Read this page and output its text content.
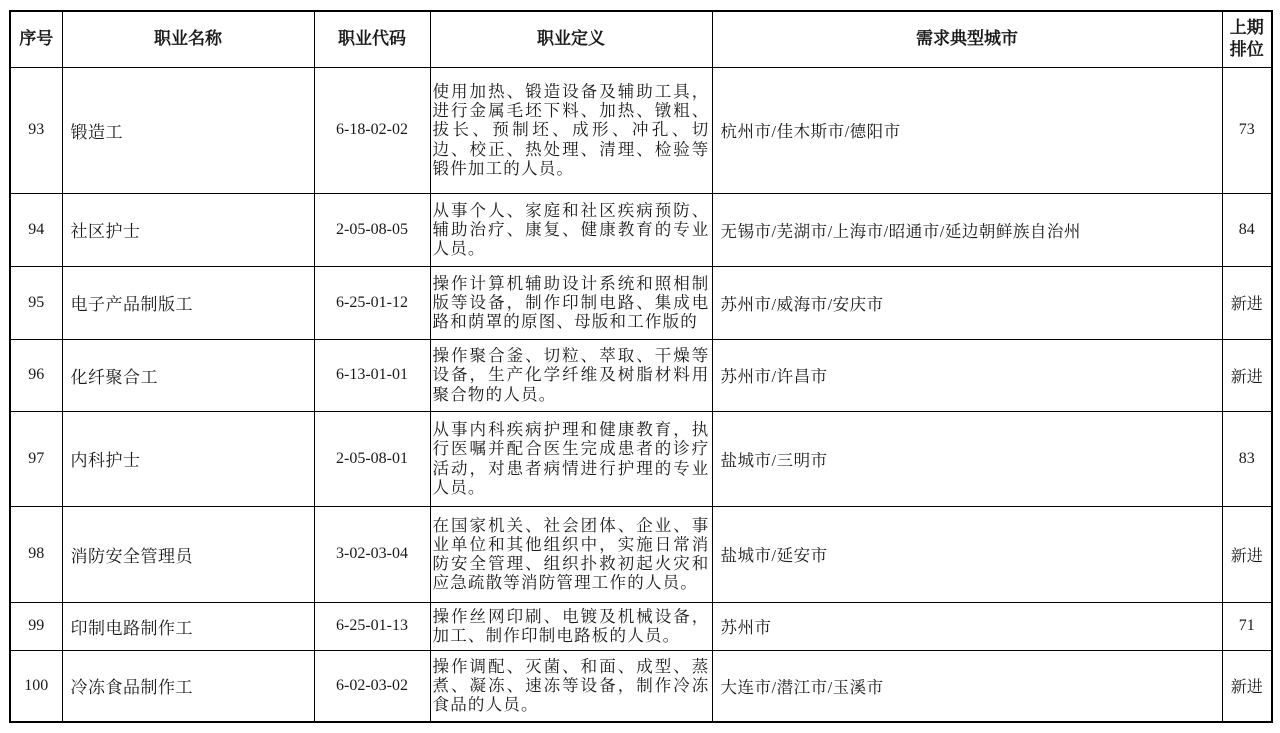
序号	职业名称	职业代码	职业定义	需求典型城市	上期排位
93	锻造工	6-18-02-02	使用加热、锻造设备及辅助工具，进行金属毛坯下料、加热、镦粗、拔长、预制坯、成形、冲孔、切边、校正、热处理、清理、检验等锻件加工的人员。	杭州市/佳木斯市/德阳市	73
94	社区护士	2-05-08-05	从事个人、家庭和社区疾病预防、辅助治疗、康复、健康教育的专业人员。	无锡市/芜湖市/上海市/昭通市/延边朝鲜族自治州	84
95	电子产品制版工	6-25-01-12	操作计算机辅助设计系统和照相制版等设备，制作印制电路、集成电路和荫罩的原图、母版和工作版的	苏州市/威海市/安庆市	新进
96	化纤聚合工	6-13-01-01	操作聚合釜、切粒、萃取、干燥等设备，生产化学纤维及树脂材料用聚合物的人员。	苏州市/许昌市	新进
97	内科护士	2-05-08-01	从事内科疾病护理和健康教育，执行医嘱并配合医生完成患者的诊疗活动，对患者病情进行护理的专业人员。	盐城市/三明市	83
98	消防安全管理员	3-02-03-04	在国家机关、社会团体、企业、事业单位和其他组织中，实施日常消防安全管理、组织扑救初起火灾和应急疏散等消防管理工作的人员。	盐城市/延安市	新进
99	印制电路制作工	6-25-01-13	操作丝网印刷、电镀及机械设备，加工、制作印制电路板的人员。	苏州市	71
100	冷冻食品制作工	6-02-03-02	操作调配、灭菌、和面、成型、蒸煮、凝冻、速冻等设备，制作冷冻食品的人员。	大连市/潜江市/玉溪市	新进
